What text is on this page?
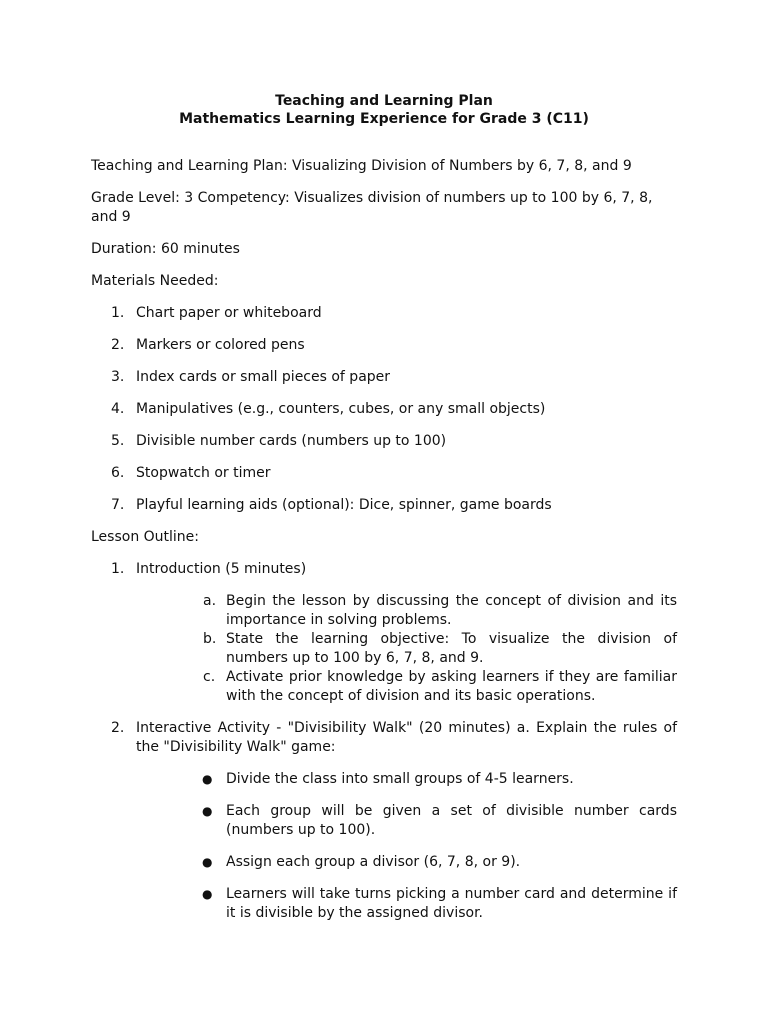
Teaching and Learning Plan
Mathematics Learning Experience for Grade 3 (C11)

Teaching and Learning Plan: Visualizing Division of Numbers by 6, 7, 8, and 9

Grade Level: 3 Competency: Visualizes division of numbers up to 100 by 6, 7, 8, and 9

Duration: 60 minutes

Materials Needed:

1. Chart paper or whiteboard
2. Markers or colored pens
3. Index cards or small pieces of paper
4. Manipulatives (e.g., counters, cubes, or any small objects)
5. Divisible number cards (numbers up to 100)
6. Stopwatch or timer
7. Playful learning aids (optional): Dice, spinner, game boards

Lesson Outline:

1. Introduction (5 minutes)
a. Begin the lesson by discussing the concept of division and its importance in solving problems.
b. State the learning objective: To visualize the division of numbers up to 100 by 6, 7, 8, and 9.
c. Activate prior knowledge by asking learners if they are familiar with the concept of division and its basic operations.
2. Interactive Activity - "Divisibility Walk" (20 minutes) a. Explain the rules of the "Divisibility Walk" game:
● Divide the class into small groups of 4-5 learners.
● Each group will be given a set of divisible number cards (numbers up to 100).
● Assign each group a divisor (6, 7, 8, or 9).
● Learners will take turns picking a number card and determine if it is divisible by the assigned divisor.
